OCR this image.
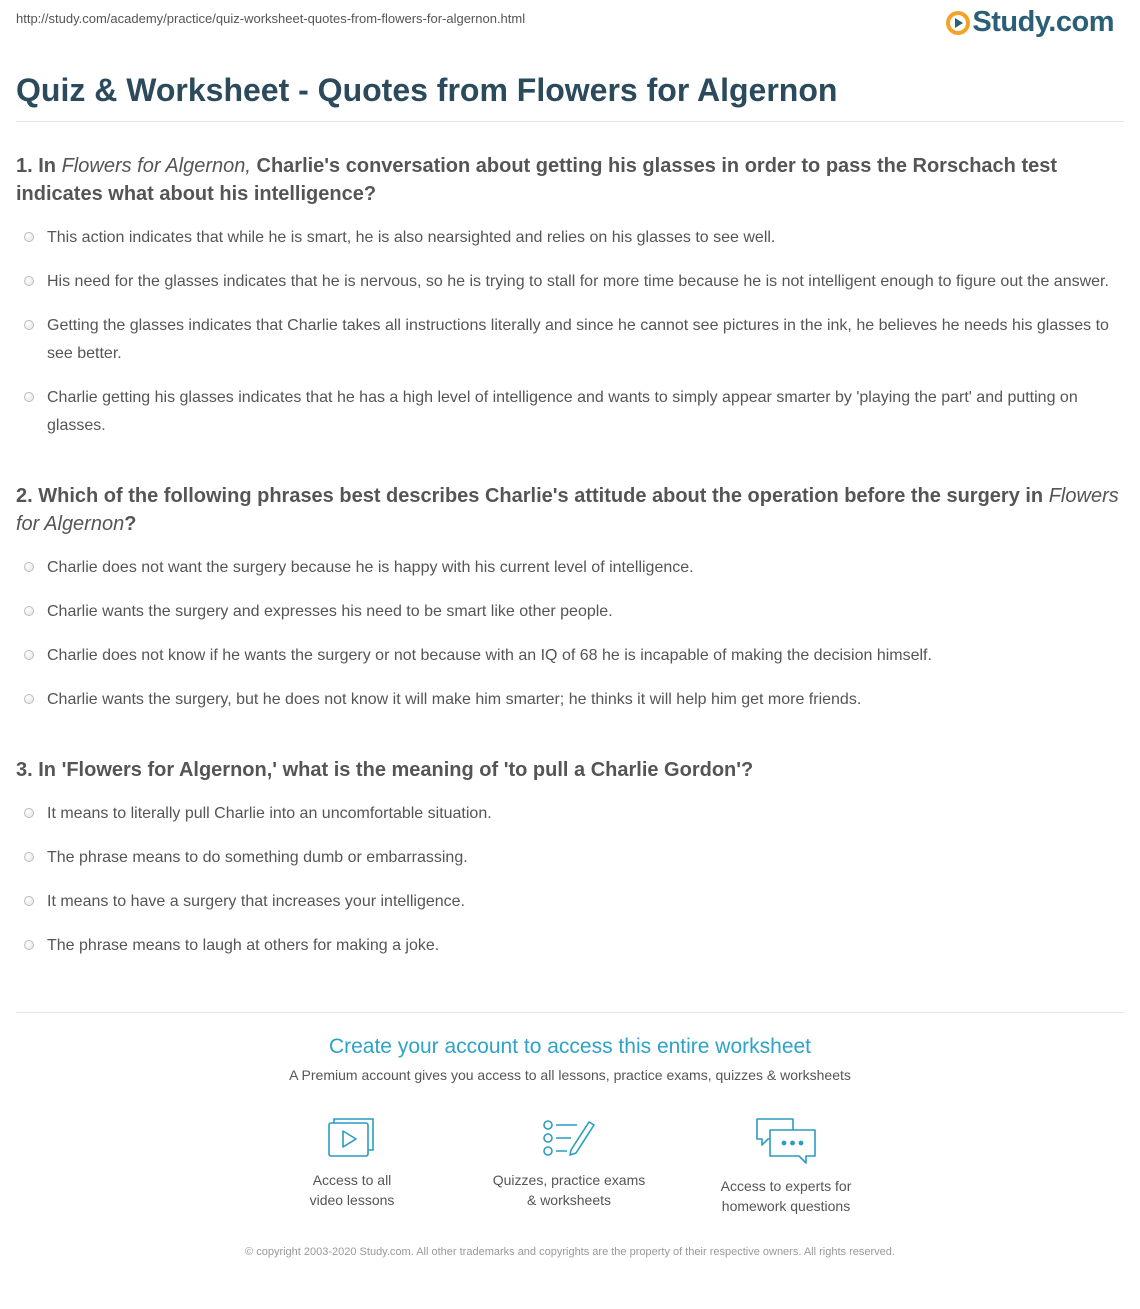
http://study.com/academy/practice/quiz-worksheet-quotes-from-flowers-for-algernon.html	Study.com
Quiz & Worksheet - Quotes from Flowers for Algernon

1. In Flowers for Algernon, Charlie's conversation about getting his glasses in order to pass the Rorschach test indicates what about his intelligence?

This action indicates that while he is smart, he is also nearsighted and relies on his glasses to see well.
His need for the glasses indicates that he is nervous, so he is trying to stall for more time because he is not intelligent enough to figure out the answer.
Getting the glasses indicates that Charlie takes all instructions literally and since he cannot see pictures in the ink, he believes he needs his glasses to see better.
Charlie getting his glasses indicates that he has a high level of intelligence and wants to simply appear smarter by 'playing the part' and putting on glasses.

2. Which of the following phrases best describes Charlie's attitude about the operation before the surgery in Flowers for Algernon?

Charlie does not want the surgery because he is happy with his current level of intelligence.
Charlie wants the surgery and expresses his need to be smart like other people.
Charlie does not know if he wants the surgery or not because with an IQ of 68 he is incapable of making the decision himself.
Charlie wants the surgery, but he does not know it will make him smarter; he thinks it will help him get more friends.

3. In 'Flowers for Algernon,' what is the meaning of 'to pull a Charlie Gordon'?

It means to literally pull Charlie into an uncomfortable situation.
The phrase means to do something dumb or embarrassing.
It means to have a surgery that increases your intelligence.
The phrase means to laugh at others for making a joke.

Create your account to access this entire worksheet

A Premium account gives you access to all lessons, practice exams, quizzes & worksheets
Access to all
video lessons
Quizzes, practice exams
& worksheets
Access to experts for
homework questions
© copyright 2003-2020 Study.com. All other trademarks and copyrights are the property of their respective owners. All rights reserved.
